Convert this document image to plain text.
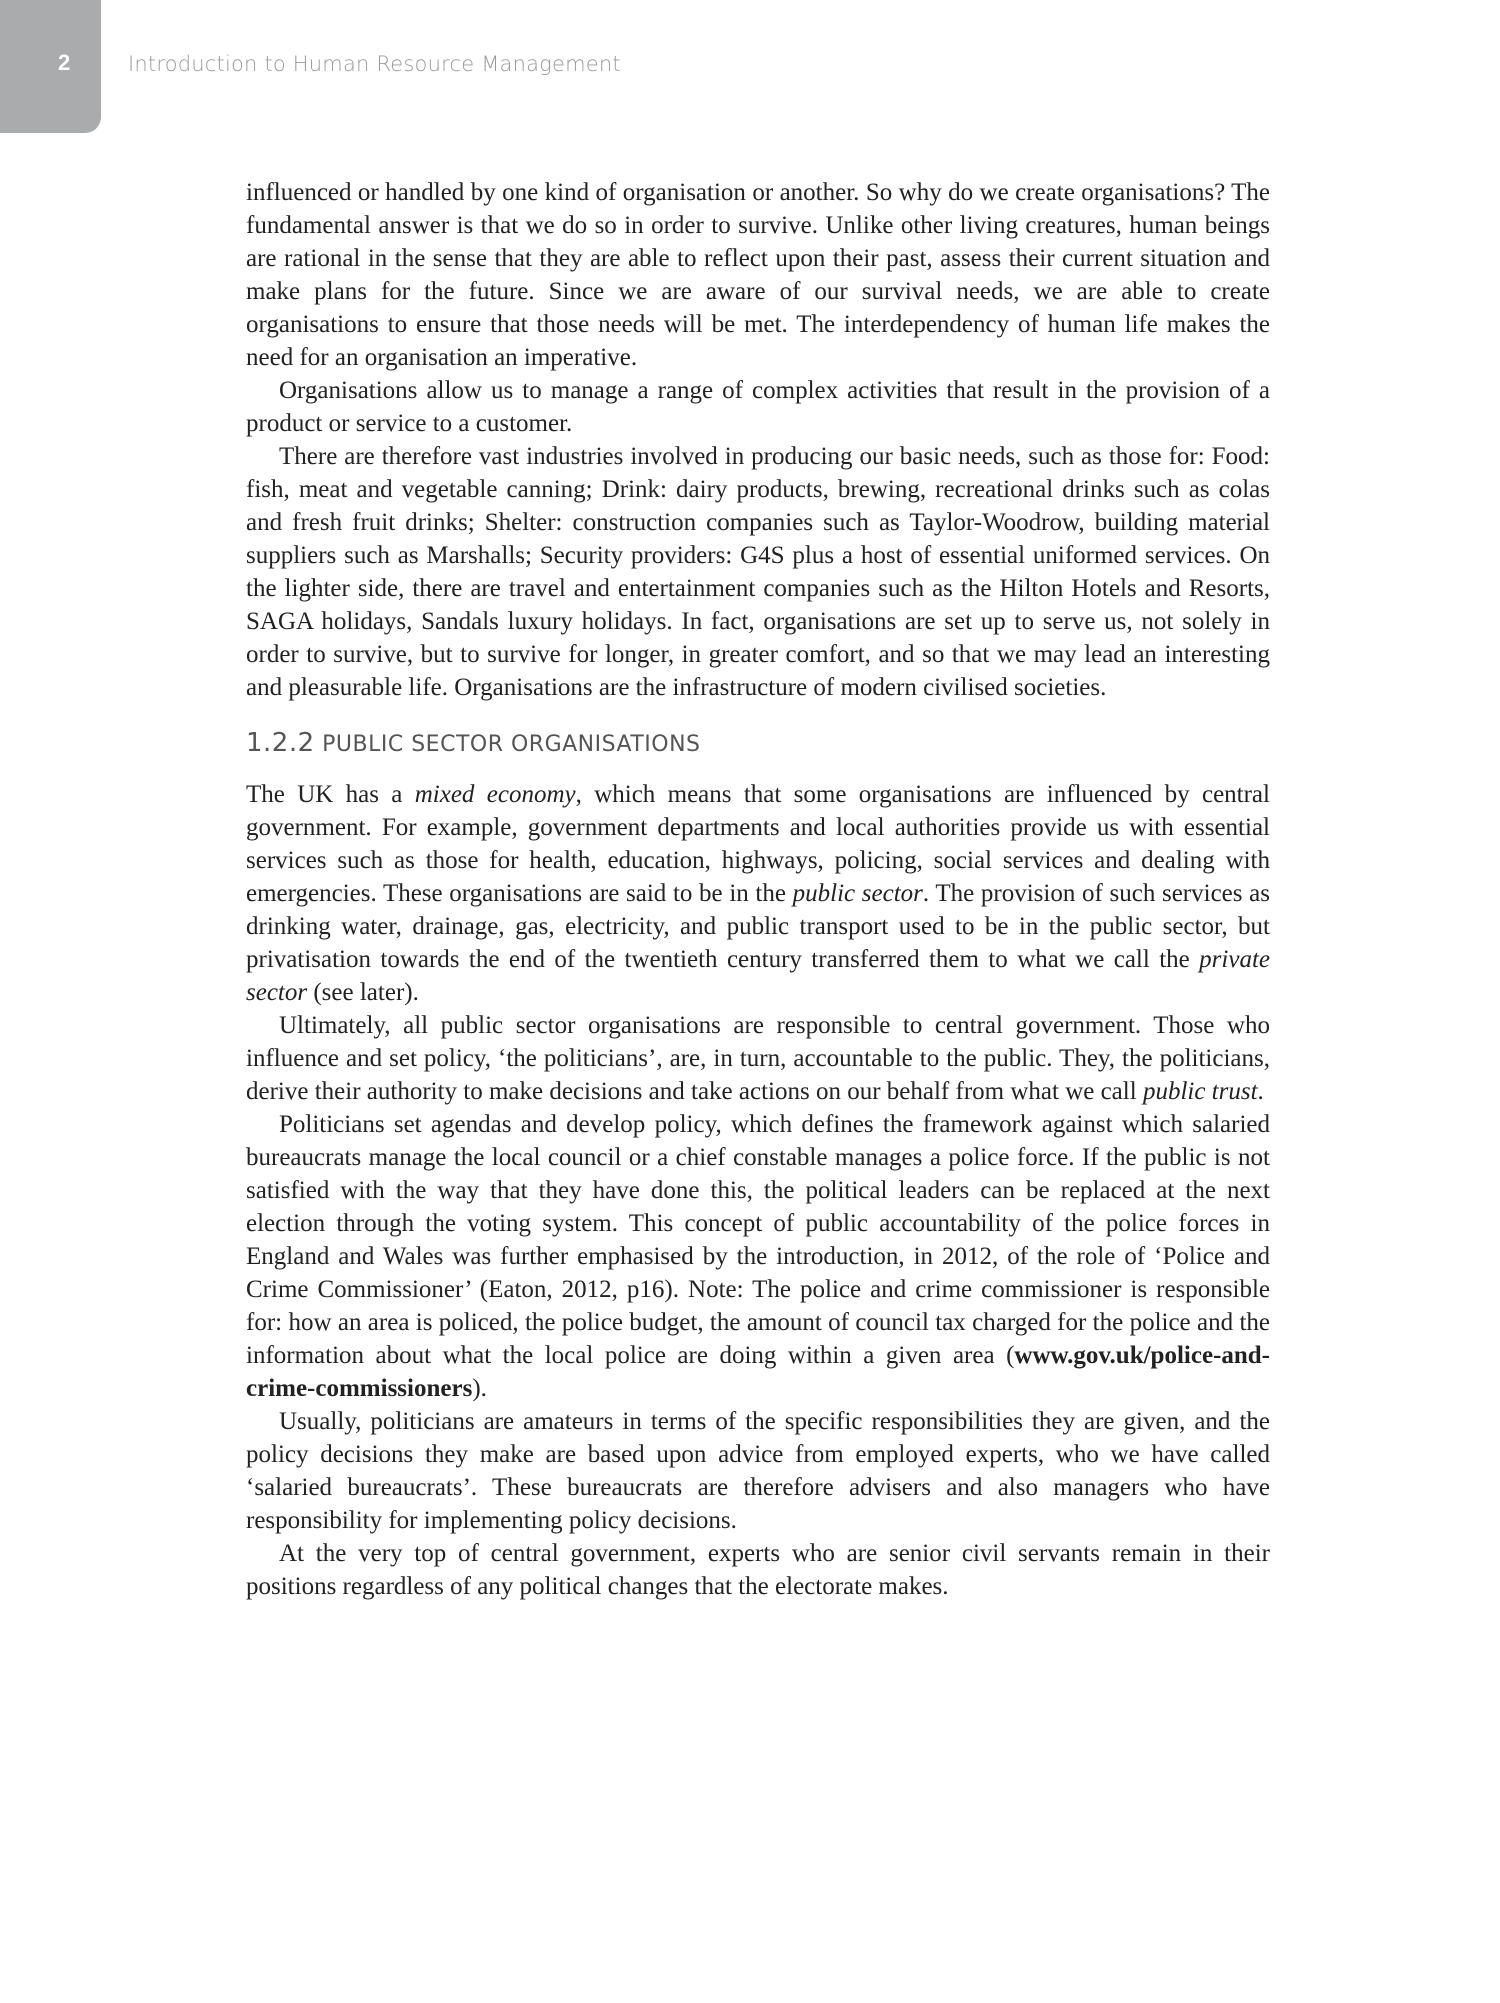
2	Introduction to Human Resource Management

influenced or handled by one kind of organisation or another. So why do we create organisations? The fundamental answer is that we do so in order to survive. Unlike other living creatures, human beings are rational in the sense that they are able to reflect upon their past, assess their current situation and make plans for the future. Since we are aware of our survival needs, we are able to create organisations to ensure that those needs will be met. The interdependency of human life makes the need for an organisation an imperative.

Organisations allow us to manage a range of complex activities that result in the provision of a product or service to a customer.

There are therefore vast industries involved in producing our basic needs, such as those for: Food: fish, meat and vegetable canning; Drink: dairy products, brewing, recreational drinks such as colas and fresh fruit drinks; Shelter: construction companies such as Taylor-Woodrow, building material suppliers such as Marshalls; Security providers: G4S plus a host of essential uniformed services. On the lighter side, there are travel and entertainment companies such as the Hilton Hotels and Resorts, SAGA holidays, Sandals luxury holidays. In fact, organisations are set up to serve us, not solely in order to survive, but to survive for longer, in greater comfort, and so that we may lead an interesting and pleasurable life. Organisations are the infrastructure of modern civilised societies.

1.2.2 PUBLIC SECTOR ORGANISATIONS

The UK has a mixed economy, which means that some organisations are influenced by central government. For example, government departments and local authorities provide us with essential services such as those for health, education, highways, policing, social services and dealing with emergencies. These organisations are said to be in the public sector. The provision of such services as drinking water, drainage, gas, electricity, and public transport used to be in the public sector, but privatisation towards the end of the twentieth century transferred them to what we call the private sector (see later).

Ultimately, all public sector organisations are responsible to central government. Those who influence and set policy, ‘the politicians’, are, in turn, accountable to the public. They, the politicians, derive their authority to make decisions and take actions on our behalf from what we call public trust.

Politicians set agendas and develop policy, which defines the framework against which salaried bureaucrats manage the local council or a chief constable manages a police force. If the public is not satisfied with the way that they have done this, the political leaders can be replaced at the next election through the voting system. This concept of public accountability of the police forces in England and Wales was further emphasised by the introduction, in 2012, of the role of ‘Police and Crime Commissioner’ (Eaton, 2012, p16). Note: The police and crime commissioner is responsible for: how an area is policed, the police budget, the amount of council tax charged for the police and the information about what the local police are doing within a given area (www.gov.uk/police-and-crime-commissioners).

Usually, politicians are amateurs in terms of the specific responsibilities they are given, and the policy decisions they make are based upon advice from employed experts, who we have called ‘salaried bureaucrats’. These bureaucrats are therefore advisers and also managers who have responsibility for implementing policy decisions.

At the very top of central government, experts who are senior civil servants remain in their positions regardless of any political changes that the electorate makes.
